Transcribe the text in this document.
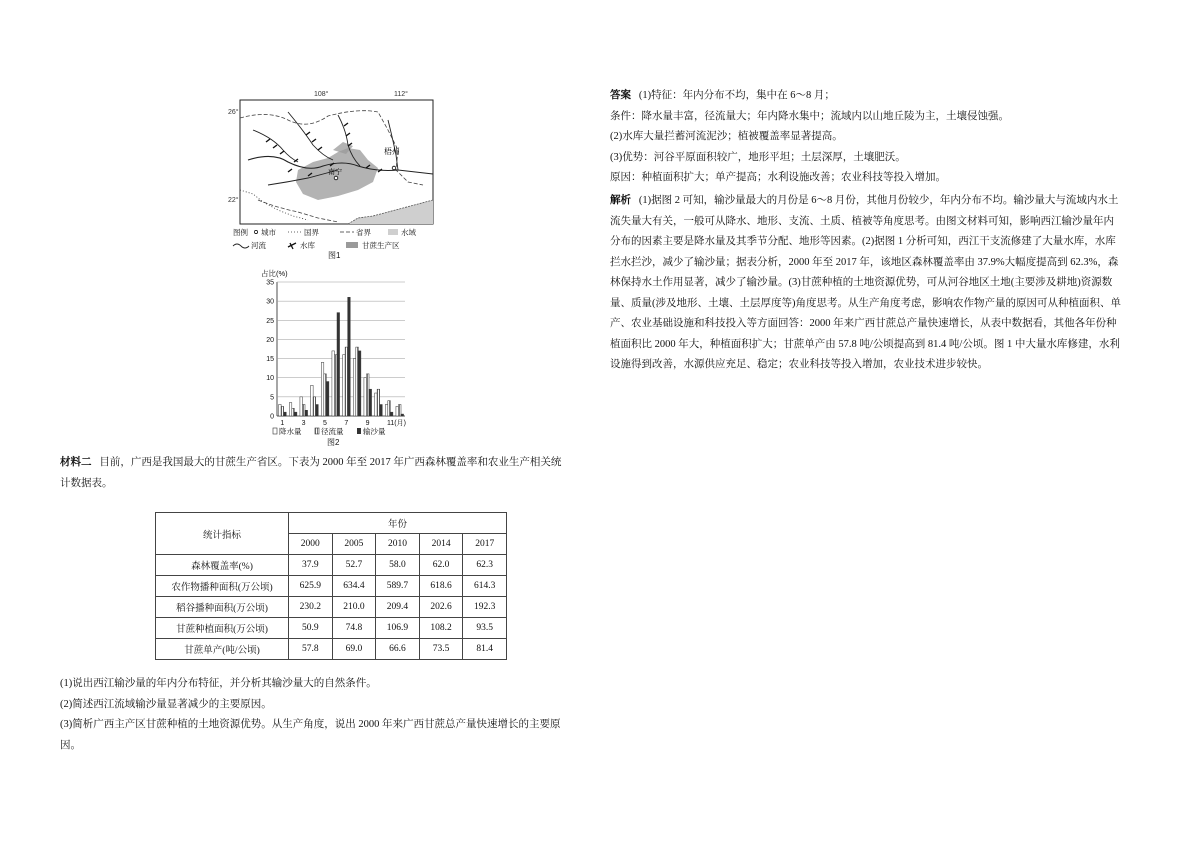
108°	112°
26°
22°
梧州
南宁
图例 城市	国界	省界	水域
河流	水库	甘蔗生产区
图1
占比(%)
0
5
10
15
20
25
30
35
1 3 5 7 9 11(月)
降水量	径流量	输沙量
图2

材料二 目前，广西是我国最大的甘蔗生产省区。下表为 2000 年至 2017 年广西森林覆盖率和农业生产相关统

计数据表。

统计指标	年份				
	2000	2005	2010	2014	2017
森林覆盖率(%)	37.9	52.7	58.0	62.0	62.3
农作物播种面积(万公顷)	625.9	634.4	589.7	618.6	614.3
稻谷播种面积(万公顷)	230.2	210.0	209.4	202.6	192.3
甘蔗种植面积(万公顷)	50.9	74.8	106.9	108.2	93.5
甘蔗单产(吨/公顷)	57.8	69.0	66.6	73.5	81.4

(1)说出西江输沙量的年内分布特征，并分析其输沙量大的自然条件。

(2)简述西江流域输沙量显著减少的主要原因。

(3)简析广西主产区甘蔗种植的土地资源优势。从生产角度，说出 2000 年来广西甘蔗总产量快速增长的主要原

因。

答案 (1)特征：年内分布不均，集中在 6～8 月；

条件：降水量丰富，径流量大；年内降水集中；流域内以山地丘陵为主，土壤侵蚀强。

(2)水库大量拦蓄河流泥沙；植被覆盖率显著提高。

(3)优势：河谷平原面积较广，地形平坦；土层深厚，土壤肥沃。

原因：种植面积扩大；单产提高；水利设施改善；农业科技等投入增加。

解析 (1)据图 2 可知，输沙量最大的月份是 6～8 月份，其他月份较少，年内分布不均。输沙量大与流域内水土

流失量大有关，一般可从降水、地形、支流、土质、植被等角度思考。由图文材料可知，影响西江输沙量年内

分布的因素主要是降水量及其季节分配、地形等因素。(2)据图 1 分析可知，西江干支流修建了大量水库，水库

拦水拦沙，减少了输沙量；据表分析，2000 年至 2017 年，该地区森林覆盖率由 37.9%大幅度提高到 62.3%，森

林保持水土作用显著，减少了输沙量。(3)甘蔗种植的土地资源优势，可从河谷地区土地(主要涉及耕地)资源数

量、质量(涉及地形、土壤、土层厚度等)角度思考。从生产角度考虑，影响农作物产量的原因可从种植面积、单

产、农业基础设施和科技投入等方面回答：2000 年来广西甘蔗总产量快速增长，从表中数据看，其他各年份种

植面积比 2000 年大，种植面积扩大；甘蔗单产由 57.8 吨/公顷提高到 81.4 吨/公顷。图 1 中大量水库修建，水利

设施得到改善，水源供应充足、稳定；农业科技等投入增加，农业技术进步较快。
